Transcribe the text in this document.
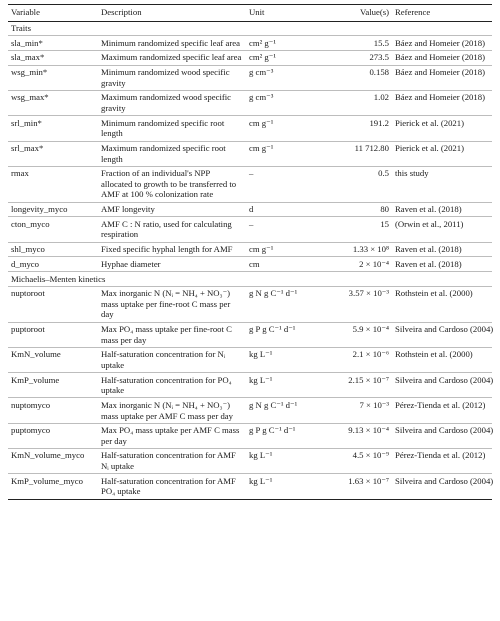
Variable	Description	Unit	Value(s)	Reference
Traits				
sla_min*	Minimum randomized specific leaf area	cm² g⁻¹	15.5	Báez and Homeier (2018)
sla_max*	Maximum randomized specific leaf area	cm² g⁻¹	273.5	Báez and Homeier (2018)
wsg_min*	Minimum randomized wood specific gravity	g cm⁻³	0.158	Báez and Homeier (2018)
wsg_max*	Maximum randomized wood specific gravity	g cm⁻³	1.02	Báez and Homeier (2018)
srl_min*	Minimum randomized specific root length	cm g⁻¹	191.2	Pierick et al. (2021)
srl_max*	Maximum randomized specific root length	cm g⁻¹	11 712.80	Pierick et al. (2021)
rmax	Fraction of an individual's NPP allocated to growth to be transferred to AMF at 100 % colonization rate	–	0.5	this study
longevity_myco	AMF longevity	d	80	Raven et al. (2018)
cton_myco	AMF C : N ratio, used for calculating respiration	–	15	(Orwin et al., 2011)
shl_myco	Fixed specific hyphal length for AMF	cm g⁻¹	1.33 × 10⁸	Raven et al. (2018)
d_myco	Hyphae diameter	cm	2 × 10⁻⁴	Raven et al. (2018)
Michaelis–Menten kinetics				
nuptoroot	Max inorganic N (Nᵢ = NH₄ + NO₃⁻) mass uptake per fine-root C mass per day	g N g C⁻¹ d⁻¹	3.57 × 10⁻³	Rothstein et al. (2000)
puptoroot	Max PO₄ mass uptake per fine-root C mass per day	g P g C⁻¹ d⁻¹	5.9 × 10⁻⁴	Silveira and Cardoso (2004)
KmN_volume	Half-saturation concentration for Nᵢ uptake	kg L⁻¹	2.1 × 10⁻⁶	Rothstein et al. (2000)
KmP_volume	Half-saturation concentration for PO₄ uptake	kg L⁻¹	2.15 × 10⁻⁷	Silveira and Cardoso (2004)
nuptomyco	Max inorganic N (Nᵢ = NH₄ + NO₃⁻) mass uptake per AMF C mass per day	g N g C⁻¹ d⁻¹	7 × 10⁻³	Pérez-Tienda et al. (2012)
puptomyco	Max PO₄ mass uptake per AMF C mass per day	g P g C⁻¹ d⁻¹	9.13 × 10⁻⁴	Silveira and Cardoso (2004)
KmN_volume_myco	Half-saturation concentration for AMF Nᵢ uptake	kg L⁻¹	4.5 × 10⁻⁹	Pérez-Tienda et al. (2012)
KmP_volume_myco	Half-saturation concentration for AMF PO₄ uptake	kg L⁻¹	1.63 × 10⁻⁷	Silveira and Cardoso (2004)
